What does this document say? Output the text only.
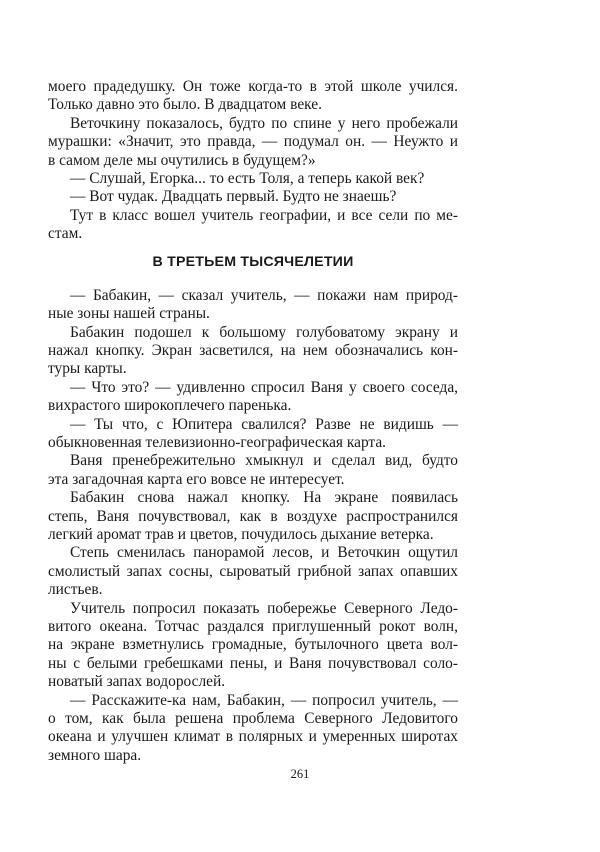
моего прадедушку. Он тоже когда-то в этой школе учился.
Только давно это было. В двадцатом веке.
Веточкину показалось, будто по спине у него пробежали
мурашки: «Значит, это правда, — подумал он. — Неужто и
в самом деле мы очутились в будущем?»
— Слушай, Егорка... то есть Толя, а теперь какой век?
— Вот чудак. Двадцать первый. Будто не знаешь?
Тут в класс вошел учитель географии, и все сели по ме-
стам.
В ТРЕТЬЕМ ТЫСЯЧЕЛЕТИИ
— Бабакин, — сказал учитель, — покажи нам природ-
ные зоны нашей страны.
Бабакин подошел к большому голубоватому экрану и
нажал кнопку. Экран засветился, на нем обозначались кон-
туры карты.
— Что это? — удивленно спросил Ваня у своего соседа,
вихрастого широкоплечего паренька.
— Ты что, с Юпитера свалился? Разве не видишь —
обыкновенная телевизионно-географическая карта.
Ваня пренебрежительно хмыкнул и сделал вид, будто
эта загадочная карта его вовсе не интересует.
Бабакин снова нажал кнопку. На экране появилась
степь, Ваня почувствовал, как в воздухе распространился
легкий аромат трав и цветов, почудилось дыхание ветерка.
Степь сменилась панорамой лесов, и Веточкин ощутил
смолистый запах сосны, сыроватый грибной запах опавших
листьев.
Учитель попросил показать побережье Северного Ледо-
витого океана. Тотчас раздался приглушенный рокот волн,
на экране взметнулись громадные, бутылочного цвета вол-
ны с белыми гребешками пены, и Ваня почувствовал соло-
новатый запах водорослей.
— Расскажите-ка нам, Бабакин, — попросил учитель, —
о том, как была решена проблема Северного Ледовитого
океана и улучшен климат в полярных и умеренных широтах
земного шара.
261
